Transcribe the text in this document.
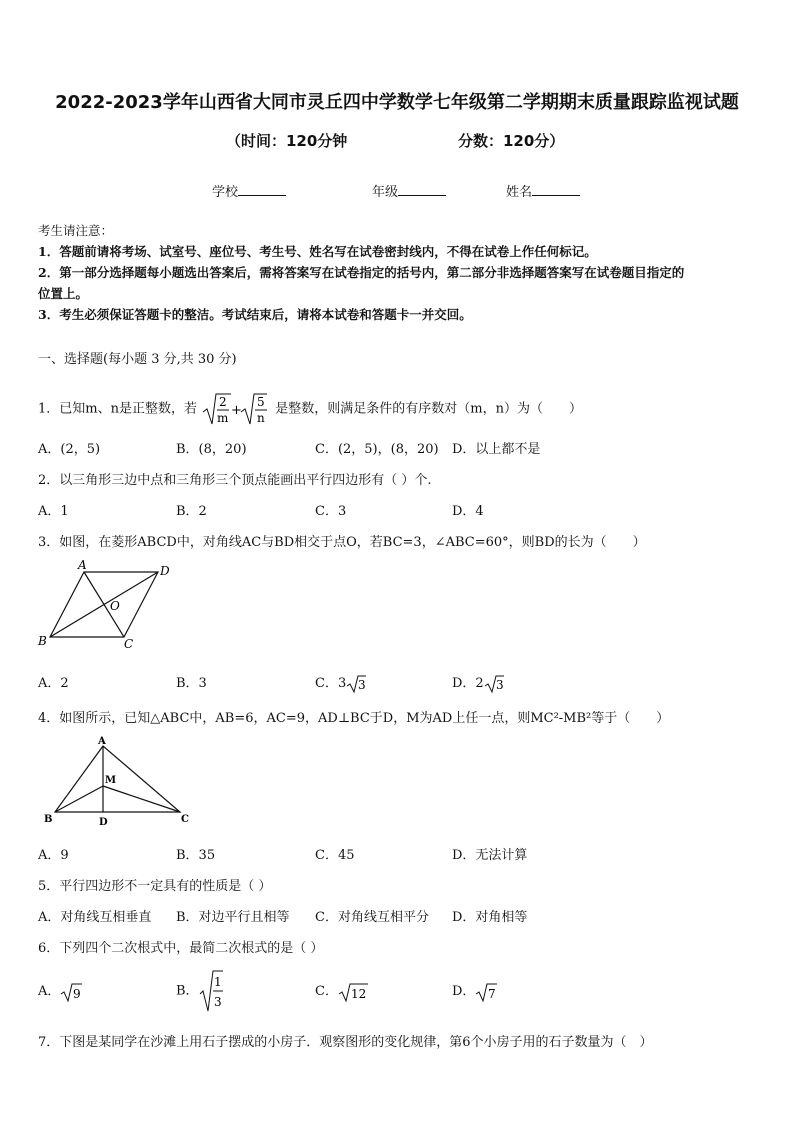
2022-2023学年山西省大同市灵丘四中学数学七年级第二学期期末质量跟踪监视试题
（时间：120分钟	分数：120分）
学校	年级	姓名
考生请注意：
1．答题前请将考场、试室号、座位号、考生号、姓名写在试卷密封线内，不得在试卷上作任何标记。
2．第一部分选择题每小题选出答案后，需将答案写在试卷指定的括号内，第二部分非选择题答案写在试卷题目指定的
位置上。
3．考生必须保证答题卡的整洁。考试结束后，请将本试卷和答题卡一并交回。
一、选择题(每小题 3 分,共 30 分)
1．已知m、n是正整数，若 2
m +
5
n
是整数，则满足条件的有序数对（m，n）为（　　）
A．(2，5)	B．(8，20)	C．(2，5)，(8，20) D．以上都不是
2．以三角形三边中点和三角形三个顶点能画出平行四边形有（ ）个.
A．1	B．2	C．3	D．4
3．如图，在菱形ABCD中，对角线AC与BD相交于点O，若BC=3，∠ABC=60°，则BD的长为（　　）
A	D
B	C
O
A．2	B．3	C．3 3	D．2 3
4．如图所示，已知△ABC中，AB=6，AC=9，AD⊥BC于D，M为AD上任一点，则MC²-MB²等于（　　）
A
B	D	C
M
A．9	B．35	C．45	D．无法计算
5．平行四边形不一定具有的性质是（ ）
A．对角线互相垂直 B．对边平行且相等 C．对角线互相平分 D．对角相等
6．下列四个二次根式中，最简二次根式的是（ ）
A． 9	B．
1
3
C． 12	D． 7
7．下图是某同学在沙滩上用石子摆成的小房子．观察图形的变化规律，第6个小房子用的石子数量为（　）
